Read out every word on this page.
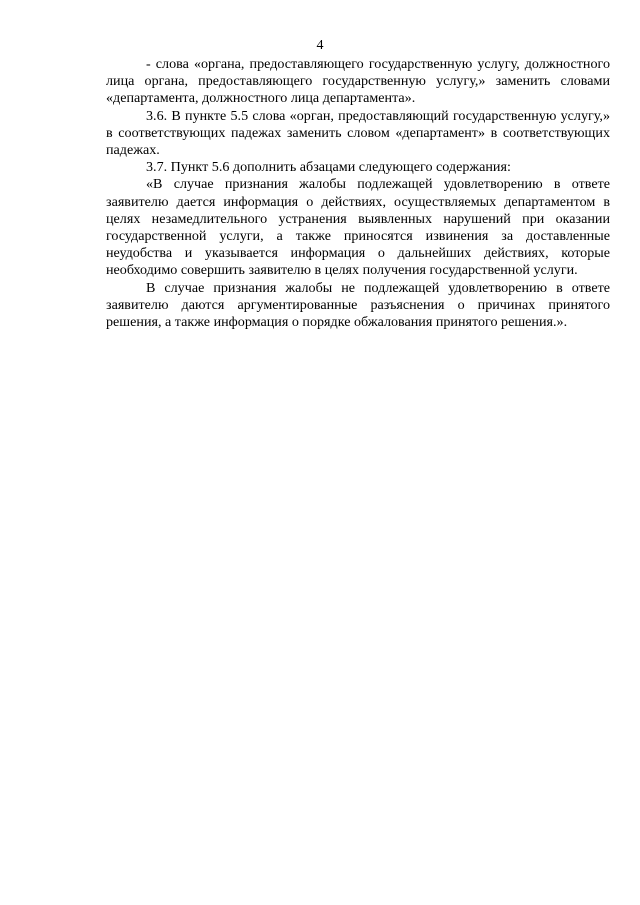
4

- слова «органа, предоставляющего государственную услугу, должностного лица органа, предоставляющего государственную услугу,» заменить словами «департамента, должностного лица департамента».

3.6. В пункте 5.5 слова «орган, предоставляющий государственную услугу,» в соответствующих падежах заменить словом «департамент» в соответствующих падежах.

3.7. Пункт 5.6 дополнить абзацами следующего содержания:

«В случае признания жалобы подлежащей удовлетворению в ответе заявителю дается информация о действиях, осуществляемых департаментом в целях незамедлительного устранения выявленных нарушений при оказании государственной услуги, а также приносятся извинения за доставленные неудобства и указывается информация о дальнейших действиях, которые необходимо совершить заявителю в целях получения государственной услуги.

В случае признания жалобы не подлежащей удовлетворению в ответе заявителю даются аргументированные разъяснения о причинах принятого решения, а также информация о порядке обжалования принятого решения.».
